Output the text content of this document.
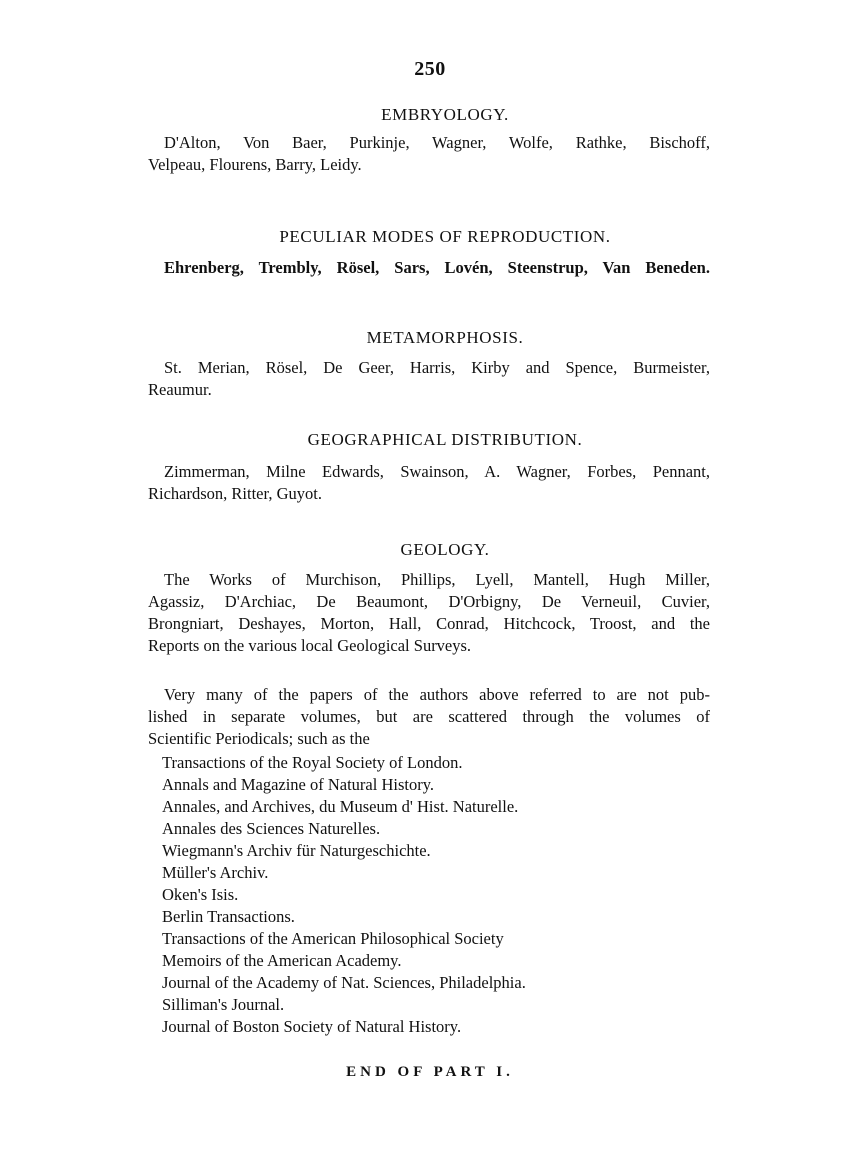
250
EMBRYOLOGY.
D'Alton, Von Baer, Purkinje, Wagner, Wolfe, Rathke, Bischoff,
Velpeau, Flourens, Barry, Leidy.
PECULIAR MODES OF REPRODUCTION.
Ehrenberg, Trembly, Rösel, Sars, Lovén, Steenstrup, Van Beneden.
METAMORPHOSIS.
St. Merian, Rösel, De Geer, Harris, Kirby and Spence, Burmeister,
Reaumur.
GEOGRAPHICAL DISTRIBUTION.
Zimmerman, Milne Edwards, Swainson, A. Wagner, Forbes, Pennant,
Richardson, Ritter, Guyot.
GEOLOGY.
The Works of Murchison, Phillips, Lyell, Mantell, Hugh Miller,
Agassiz, D'Archiac, De Beaumont, D'Orbigny, De Verneuil, Cuvier,
Brongniart, Deshayes, Morton, Hall, Conrad, Hitchcock, Troost, and the
Reports on the various local Geological Surveys.
Very many of the papers of the authors above referred to are not pub-
lished in separate volumes, but are scattered through the volumes of
Scientific Periodicals; such as the
Transactions of the Royal Society of London.
Annals and Magazine of Natural History.
Annales, and Archives, du Museum d' Hist. Naturelle.
Annales des Sciences Naturelles.
Wiegmann's Archiv für Naturgeschichte.
Müller's Archiv.
Oken's Isis.
Berlin Transactions.
Transactions of the American Philosophical Society
Memoirs of the American Academy.
Journal of the Academy of Nat. Sciences, Philadelphia.
Silliman's Journal.
Journal of Boston Society of Natural History.
END OF PART I.
